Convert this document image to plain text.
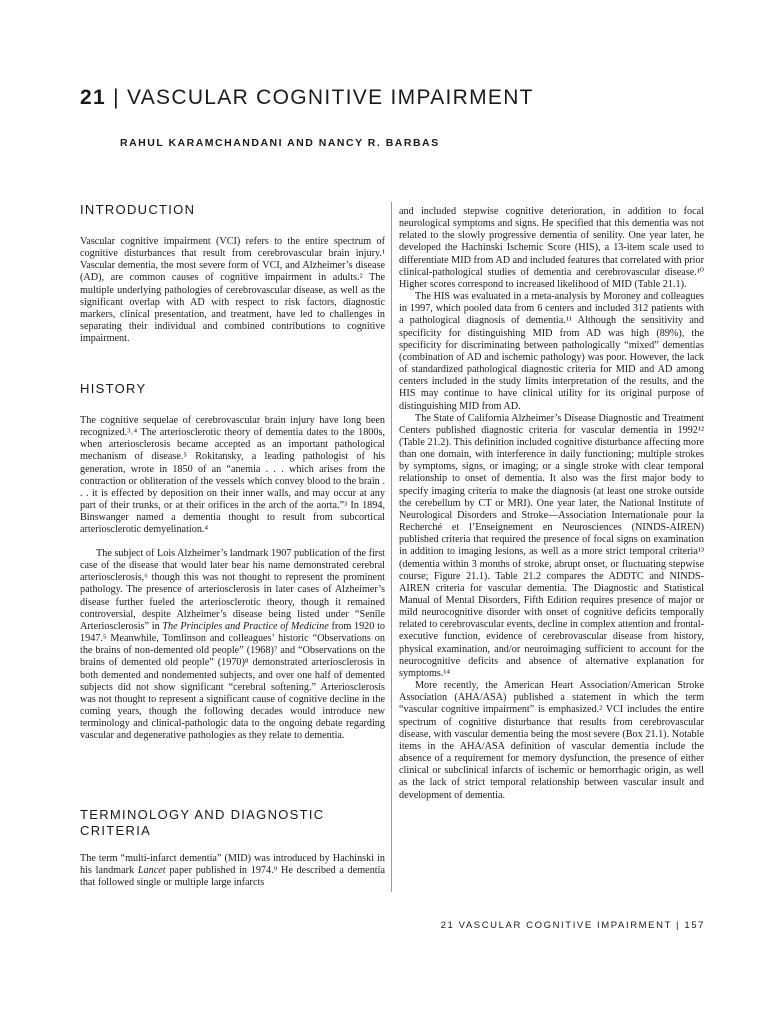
21 | VASCULAR COGNITIVE IMPAIRMENT
RAHUL KARAMCHANDANI AND NANCY R. BARBAS
INTRODUCTION

Vascular cognitive impairment (VCI) refers to the entire spectrum of cognitive disturbances that result from cerebrovascular brain injury.¹ Vascular dementia, the most severe form of VCI, and Alzheimer’s disease (AD), are common causes of cognitive impairment in adults.² The multiple underlying pathologies of cerebrovascular disease, as well as the significant overlap with AD with respect to risk factors, diagnostic markers, clinical presentation, and treatment, have led to challenges in separating their individual and combined contributions to cognitive impairment.

HISTORY

The cognitive sequelae of cerebrovascular brain injury have long been recognized.³˒⁴ The arteriosclerotic theory of dementia dates to the 1800s, when arteriosclerosis became accepted as an important pathological mechanism of disease.⁵ Rokitansky, a leading pathologist of his generation, wrote in 1850 of an “anemia . . . which arises from the contraction or obliteration of the vessels which convey blood to the brain . . . it is effected by deposition on their inner walls, and may occur at any part of their trunks, or at their orifices in the arch of the aorta.”³ In 1894, Binswanger named a dementia thought to result from subcortical arteriosclerotic demyelination.⁴

The subject of Lois Alzheimer’s landmark 1907 publication of the first case of the disease that would later bear his name demonstrated cerebral arteriosclerosis,⁶ though this was not thought to represent the prominent pathology. The presence of arteriosclerosis in later cases of Alzheimer’s disease further fueled the arteriosclerotic theory, though it remained controversial, despite Alzheimer’s disease being listed under “Senile Arteriosclerosis” in The Principles and Practice of Medicine from 1920 to 1947.⁵ Meanwhile, Tomlinson and colleagues’ historic “Observations on the brains of non-demented old people” (1968)⁷ and “Observations on the brains of demented old people” (1970)⁸ demonstrated arteriosclerosis in both demented and nondemented subjects, and over one half of demented subjects did not show significant “cerebral softening.” Arteriosclerosis was not thought to represent a significant cause of cognitive decline in the coming years, though the following decades would introduce new terminology and clinical-pathologic data to the ongoing debate regarding vascular and degenerative pathologies as they relate to dementia.

TERMINOLOGY AND DIAGNOSTIC
CRITERIA

The term “multi-infarct dementia” (MID) was introduced by Hachinski in his landmark Lancet paper published in 1974.⁹ He described a dementia that followed single or multiple large infarcts

and included stepwise cognitive deterioration, in addition to focal neurological symptoms and signs. He specified that this dementia was not related to the slowly progressive dementia of senility. One year later, he developed the Hachinski Ischemic Score (HIS), a 13-item scale used to differentiate MID from AD and included features that correlated with prior clinical-pathological studies of dementia and cerebrovascular disease.¹⁰ Higher scores correspond to increased likelihood of MID (Table 21.1).

The HIS was evaluated in a meta-analysis by Moroney and colleagues in 1997, which pooled data from 6 centers and included 312 patients with a pathological diagnosis of dementia.¹¹ Although the sensitivity and specificity for distinguishing MID from AD was high (89%), the specificity for discriminating between pathologically “mixed” dementias (combination of AD and ischemic pathology) was poor. However, the lack of standardized pathological diagnostic criteria for MID and AD among centers included in the study limits interpretation of the results, and the HIS may continue to have clinical utility for its original purpose of distinguishing MID from AD.

The State of California Alzheimer’s Disease Diagnostic and Treatment Centers published diagnostic criteria for vascular dementia in 1992¹² (Table 21.2). This definition included cognitive disturbance affecting more than one domain, with interference in daily functioning; multiple strokes by symptoms, signs, or imaging; or a single stroke with clear temporal relationship to onset of dementia. It also was the first major body to specify imaging criteria to make the diagnosis (at least one stroke outside the cerebellum by CT or MRI). One year later, the National Institute of Neurological Disorders and Stroke—Association Internationale pour la Recherché et l’Enseignement en Neurosciences (NINDS-AIREN) published criteria that required the presence of focal signs on examination in addition to imaging lesions, as well as a more strict temporal criteria¹³ (dementia within 3 months of stroke, abrupt onset, or fluctuating stepwise course; Figure 21.1). Table 21.2 compares the ADDTC and NINDS-AIREN criteria for vascular dementia. The Diagnostic and Statistical Manual of Mental Disorders, Fifth Edition requires presence of major or mild neurocognitive disorder with onset of cognitive deficits temporally related to cerebrovascular events, decline in complex attention and frontal-executive function, evidence of cerebrovascular disease from history, physical examination, and/or neuroimaging sufficient to account for the neurocognitive deficits and absence of alternative explanation for symptoms.¹⁴

More recently, the American Heart Association/American Stroke Association (AHA/ASA) published a statement in which the term “vascular cognitive impairment” is emphasized.² VCI includes the entire spectrum of cognitive disturbance that results from cerebrovascular disease, with vascular dementia being the most severe (Box 21.1). Notable items in the AHA/ASA definition of vascular dementia include the absence of a requirement for memory dysfunction, the presence of either clinical or subclinical infarcts of ischemic or hemorrhagic origin, as well as the lack of strict temporal relationship between vascular insult and development of dementia.

21 VASCULAR COGNITIVE IMPAIRMENT | 157
